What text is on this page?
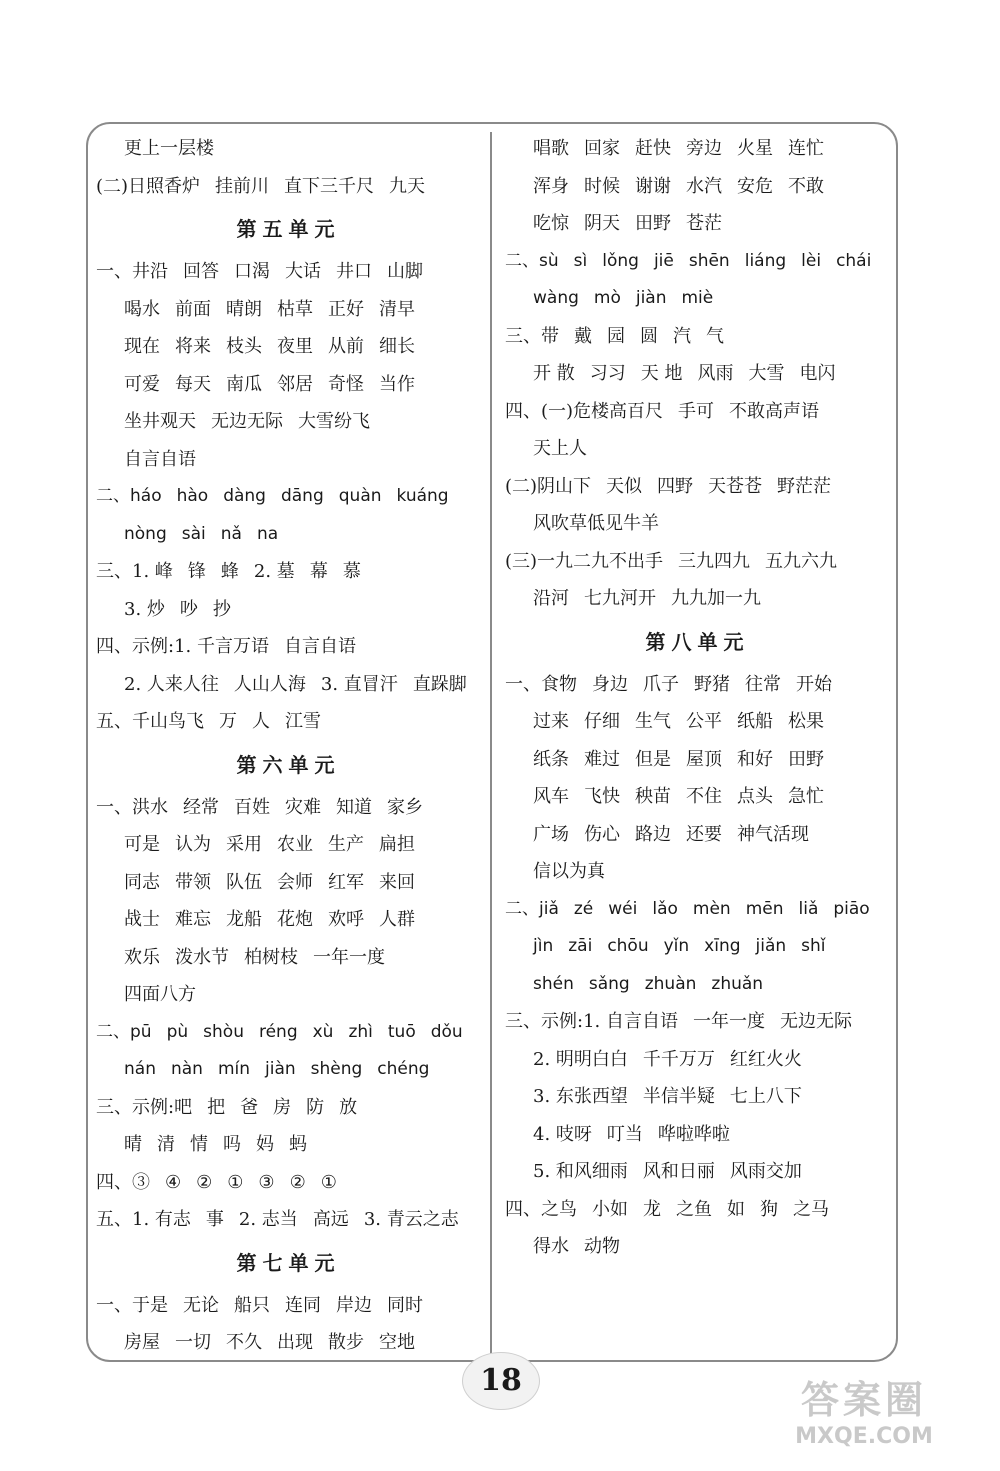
更上一层楼
(二)日照香炉 挂前川 直下三千尺 九天
第五单元
一、井沿 回答 口渴 大话 井口 山脚
喝水 前面 晴朗 枯草 正好 清早
现在 将来 枝头 夜里 从前 细长
可爱 每天 南瓜 邻居 奇怪 当作
坐井观天 无边无际 大雪纷飞
自言自语
二、háo hào dàng dāng quàn kuáng
nòng sài nǎ na
三、1. 峰 锋 蜂 2. 墓 幕 慕
3. 炒 吵 抄
四、示例:1. 千言万语 自言自语
2. 人来人往 人山人海 3. 直冒汗 直跺脚
五、千山鸟飞 万 人 江雪
第六单元
一、洪水 经常 百姓 灾难 知道 家乡
可是 认为 采用 农业 生产 扁担
同志 带领 队伍 会师 红军 来回
战士 难忘 龙船 花炮 欢呼 人群
欢乐 泼水节 柏树枝 一年一度
四面八方
二、pū pù shòu réng xù zhì tuō dǒu
nán nàn mín jiàn shèng chéng
三、示例:吧 把 爸 房 防 放
晴 清 情 吗 妈 蚂
四、③ ④ ② ① ③ ② ①
五、1. 有志 事 2. 志当 高远 3. 青云之志
第七单元
一、于是 无论 船只 连同 岸边 同时
房屋 一切 不久 出现 散步 空地
唱歌 回家 赶快 旁边 火星 连忙
浑身 时候 谢谢 水汽 安危 不敢
吃惊 阴天 田野 苍茫
二、sù sì lǒng jiē shēn liáng lèi chái
wàng mò jiàn miè
三、带 戴 园 圆 汽 气
开 散 习习 天 地 风雨 大雪 电闪
四、(一)危楼高百尺 手可 不敢高声语
天上人
(二)阴山下 天似 四野 天苍苍 野茫茫
风吹草低见牛羊
(三)一九二九不出手 三九四九 五九六九
沿河 七九河开 九九加一九
第八单元
一、食物 身边 爪子 野猪 往常 开始
过来 仔细 生气 公平 纸船 松果
纸条 难过 但是 屋顶 和好 田野
风车 飞快 秧苗 不住 点头 急忙
广场 伤心 路边 还要 神气活现
信以为真
二、jiǎ zé wéi lǎo mèn mēn liǎ piāo
jìn zāi chōu yǐn xīng jiǎn shǐ
shén sǎng zhuàn zhuǎn
三、示例:1. 自言自语 一年一度 无边无际
2. 明明白白 千千万万 红红火火
3. 东张西望 半信半疑 七上八下
4. 吱呀 叮当 哗啦哗啦
5. 和风细雨 风和日丽 风雨交加
四、之鸟 小如 龙 之鱼 如 狗 之马
得水 动物
18	答案圈
MXQE.COM
